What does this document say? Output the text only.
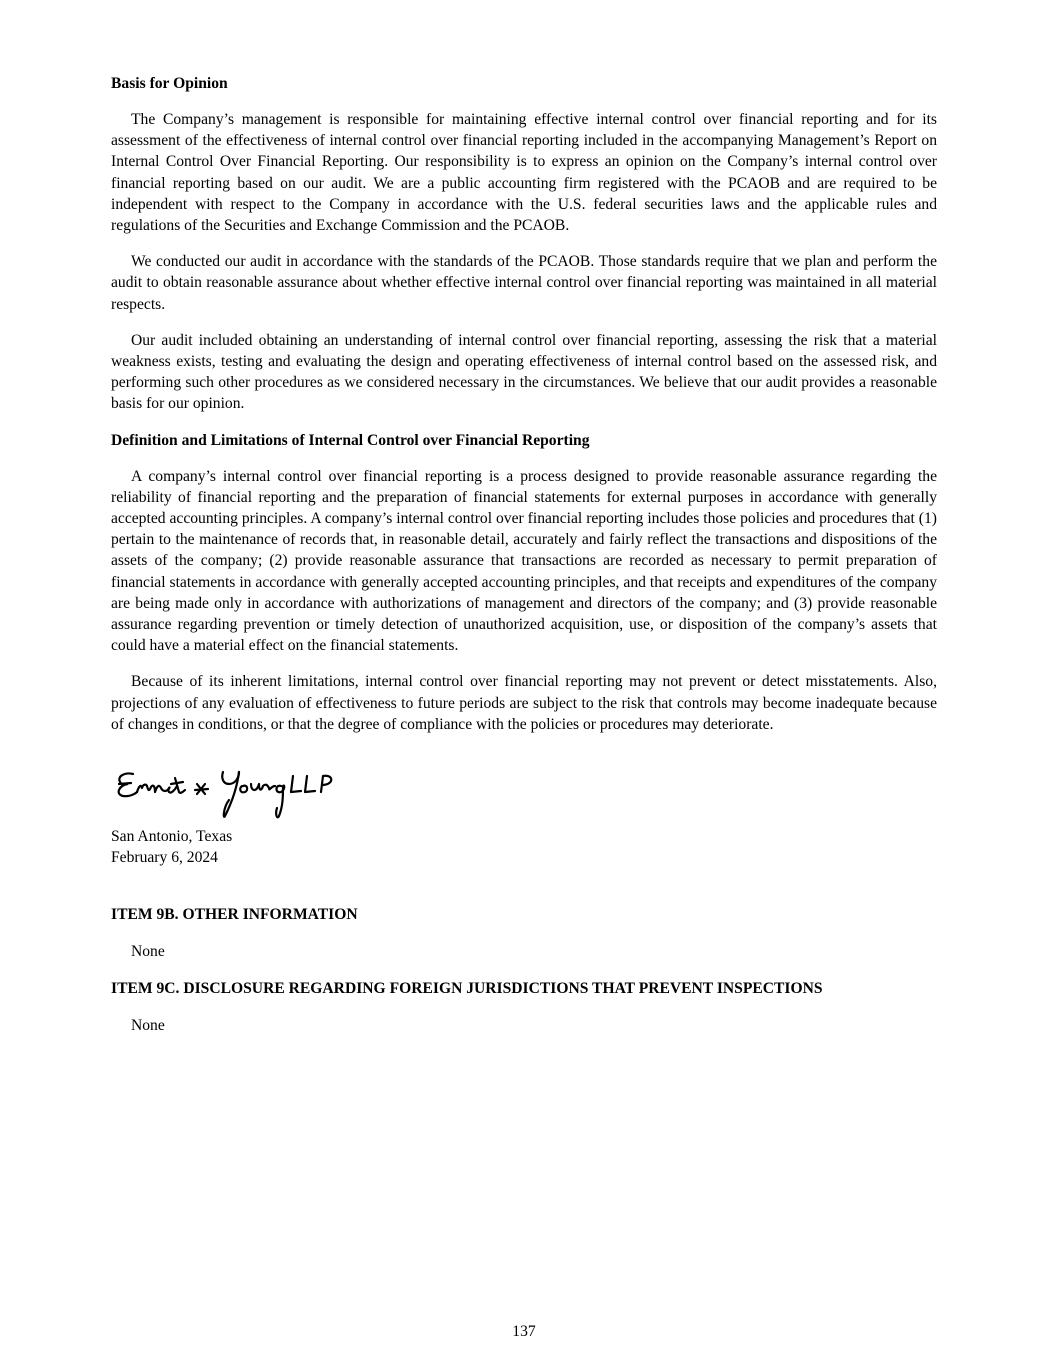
Basis for Opinion

The Company’s management is responsible for maintaining effective internal control over financial reporting and for its assessment of the effectiveness of internal control over financial reporting included in the accompanying Management’s Report on Internal Control Over Financial Reporting. Our responsibility is to express an opinion on the Company’s internal control over financial reporting based on our audit. We are a public accounting firm registered with the PCAOB and are required to be independent with respect to the Company in accordance with the U.S. federal securities laws and the applicable rules and regulations of the Securities and Exchange Commission and the PCAOB.

We conducted our audit in accordance with the standards of the PCAOB. Those standards require that we plan and perform the audit to obtain reasonable assurance about whether effective internal control over financial reporting was maintained in all material respects.

Our audit included obtaining an understanding of internal control over financial reporting, assessing the risk that a material weakness exists, testing and evaluating the design and operating effectiveness of internal control based on the assessed risk, and performing such other procedures as we considered necessary in the circumstances. We believe that our audit provides a reasonable basis for our opinion.

Definition and Limitations of Internal Control over Financial Reporting

A company’s internal control over financial reporting is a process designed to provide reasonable assurance regarding the reliability of financial reporting and the preparation of financial statements for external purposes in accordance with generally accepted accounting principles. A company’s internal control over financial reporting includes those policies and procedures that (1) pertain to the maintenance of records that, in reasonable detail, accurately and fairly reflect the transactions and dispositions of the assets of the company; (2) provide reasonable assurance that transactions are recorded as necessary to permit preparation of financial statements in accordance with generally accepted accounting principles, and that receipts and expenditures of the company are being made only in accordance with authorizations of management and directors of the company; and (3) provide reasonable assurance regarding prevention or timely detection of unauthorized acquisition, use, or disposition of the company’s assets that could have a material effect on the financial statements.

Because of its inherent limitations, internal control over financial reporting may not prevent or detect misstatements. Also, projections of any evaluation of effectiveness to future periods are subject to the risk that controls may become inadequate because of changes in conditions, or that the degree of compliance with the policies or procedures may deteriorate.

San Antonio, Texas

February 6, 2024

ITEM 9B. OTHER INFORMATION
None
ITEM 9C. DISCLOSURE REGARDING FOREIGN JURISDICTIONS THAT PREVENT INSPECTIONS
None
137
